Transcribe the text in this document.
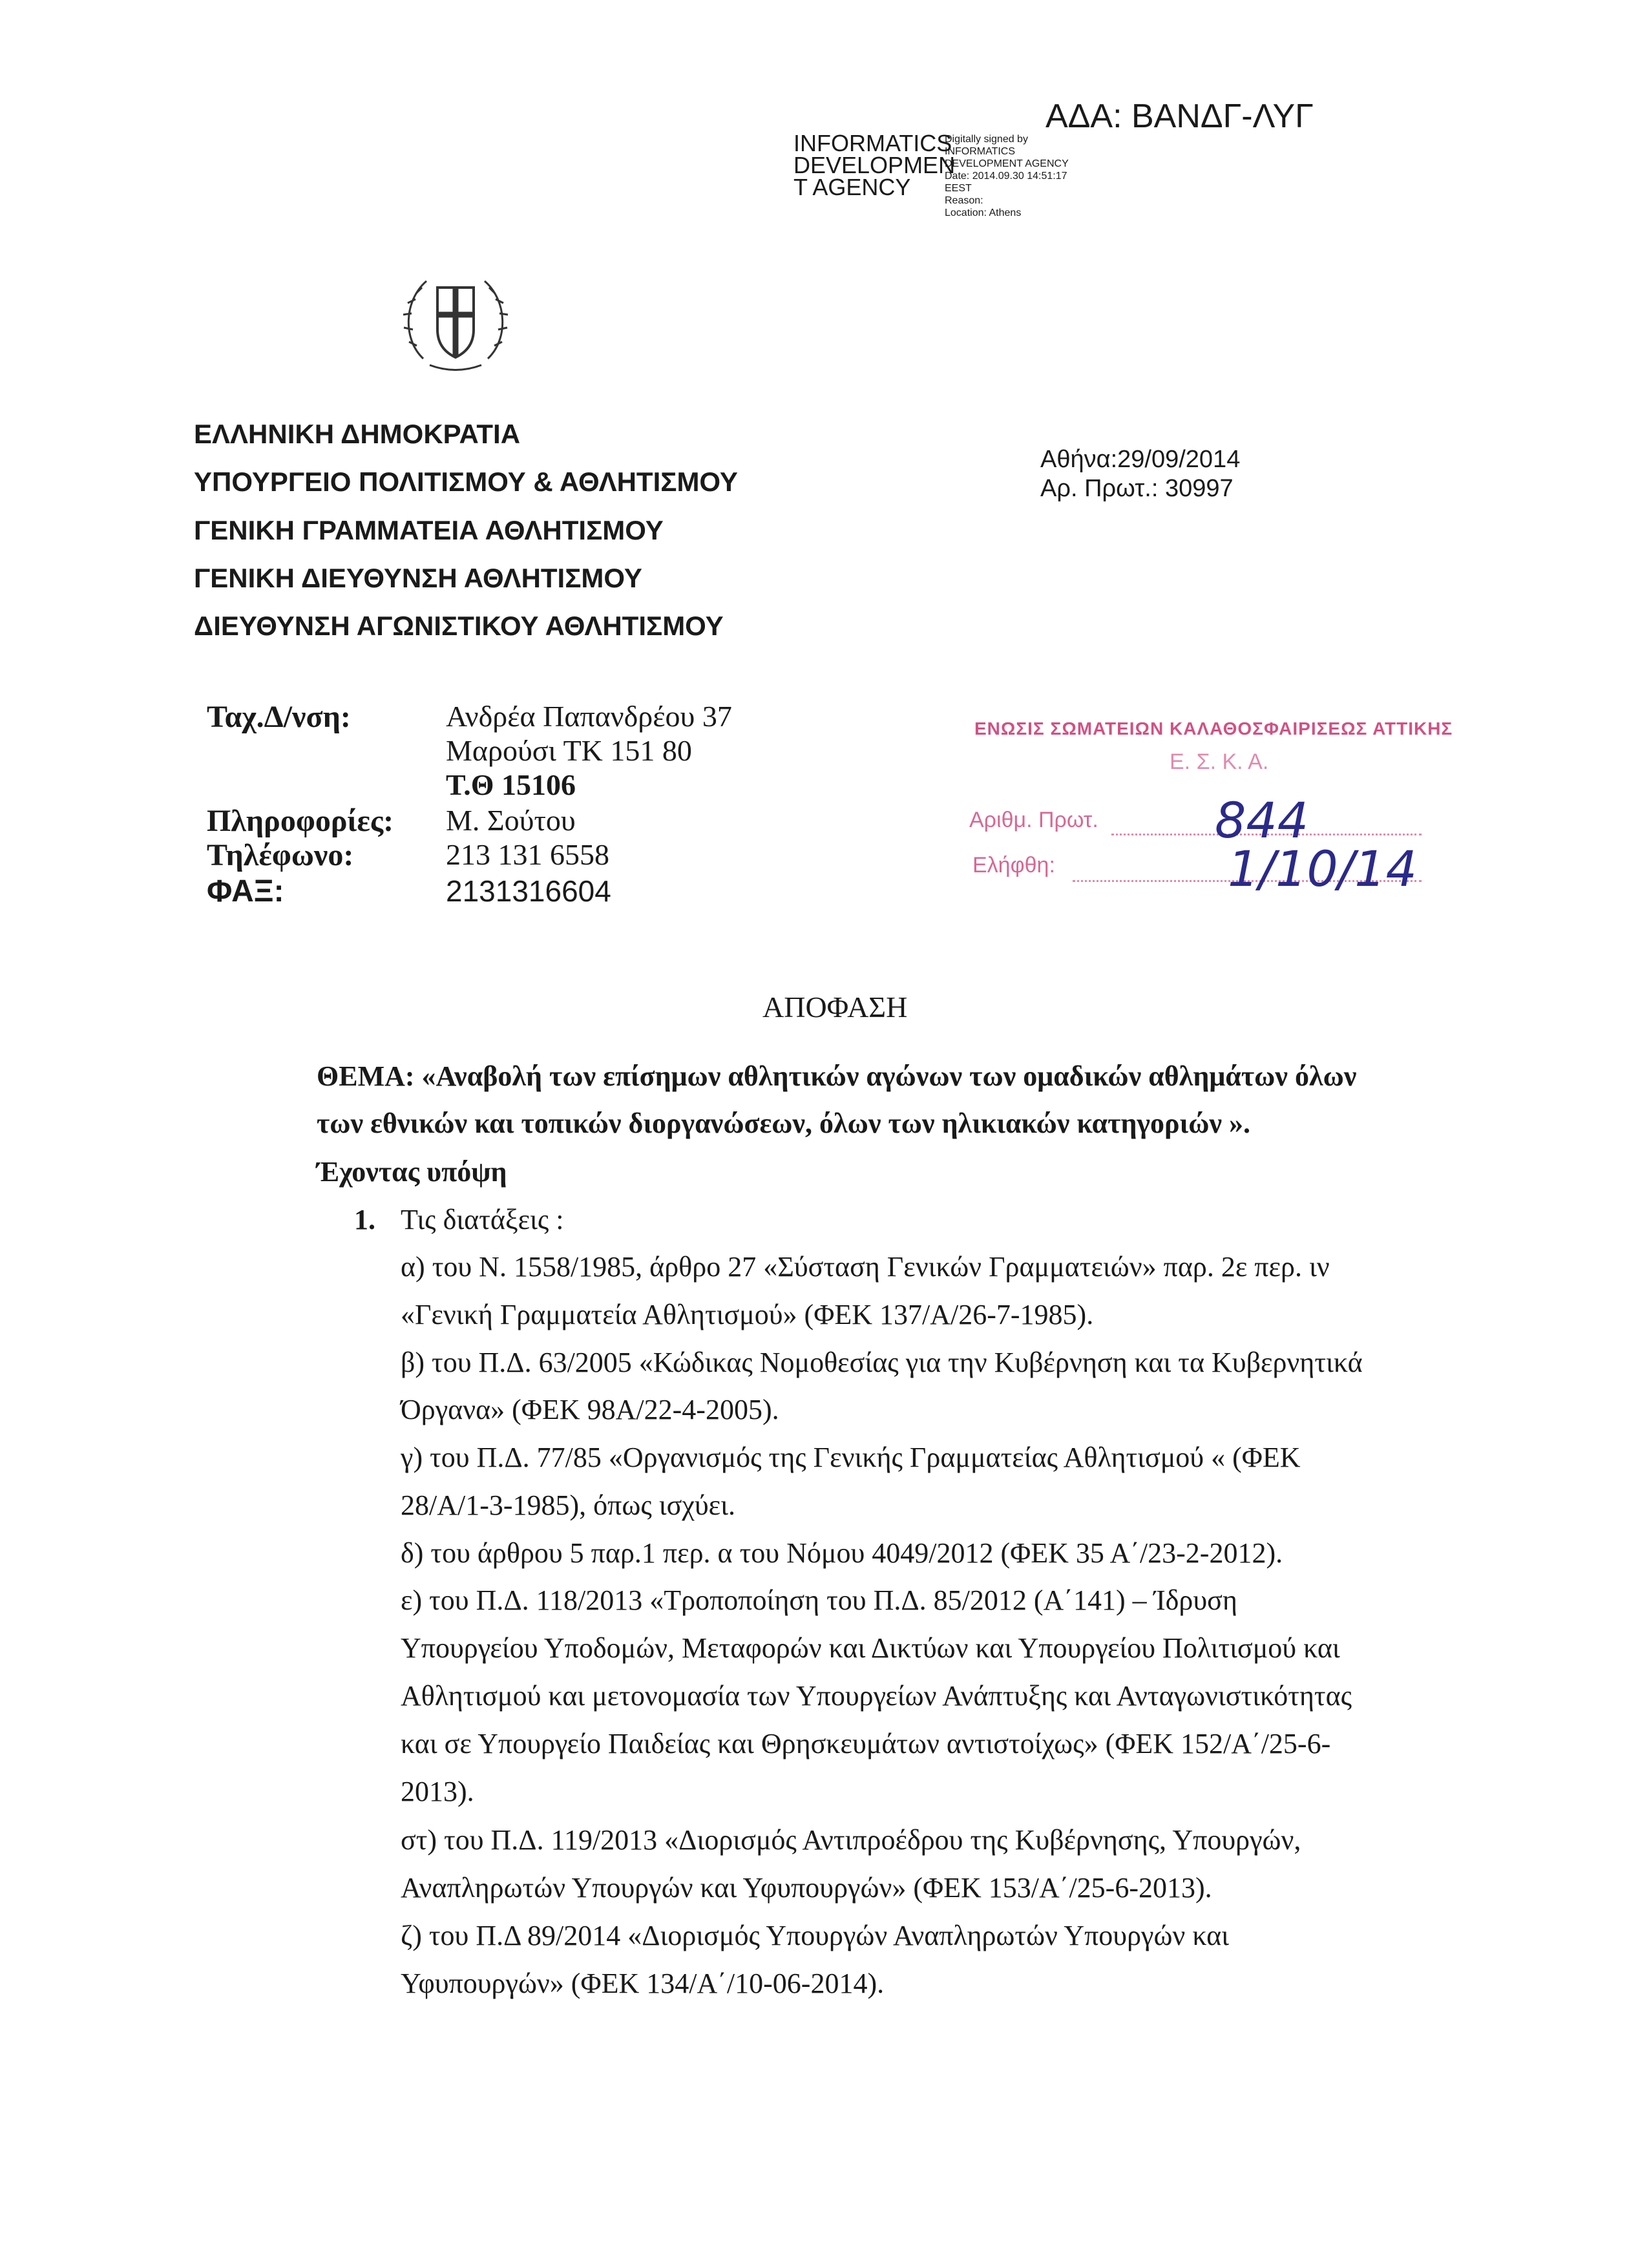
INFORMATICS
DEVELOPMEN
T AGENCY
Digitally signed by
INFORMATICS
DEVELOPMENT AGENCY
Date: 2014.09.30 14:51:17
EEST
Reason:
Location: Athens
ΑΔΑ: ΒΑΝΔΓ-ΛΥΓ
ΕΛΛΗΝΙΚΗ ΔΗΜΟΚΡΑΤΙΑ
ΥΠΟΥΡΓΕΙΟ ΠΟΛΙΤΙΣΜΟΥ & ΑΘΛΗΤΙΣΜΟΥ
ΓΕΝΙΚΗ ΓΡΑΜΜΑΤΕΙΑ ΑΘΛΗΤΙΣΜΟΥ
ΓΕΝΙΚΗ ΔΙΕΥΘΥΝΣΗ ΑΘΛΗΤΙΣΜΟΥ
ΔΙΕΥΘΥΝΣΗ ΑΓΩΝΙΣΤΙΚΟΥ ΑΘΛΗΤΙΣΜΟΥ
Αθήνα:29/09/2014
Αρ. Πρωτ.: 30997
Ταχ.Δ/νση:	Ανδρέα Παπανδρέου 37
Μαρούσι ΤΚ 151 80
Τ.Θ 15106
Πληροφορίες: Μ. Σούτου
Τηλέφωνο:	213 131 6558
ΦΑΞ:	2131316604
ΕΝΩΣΙΣ ΣΩΜΑΤΕΙΩΝ ΚΑΛΑΘΟΣΦΑΙΡΙΣΕΩΣ ΑΤΤΙΚΗΣ
Ε. Σ. Κ. Α.
Αριθμ. Πρωτ. 844
Ελήφθη:	1/10/14
ΑΠΟΦΑΣΗ
ΘΕΜΑ: «Αναβολή των επίσημων αθλητικών αγώνων των ομαδικών αθλημάτων όλων
των εθνικών και τοπικών διοργανώσεων, όλων των ηλικιακών κατηγοριών ».
Έχοντας υπόψη
1. Τις διατάξεις :
α) του Ν. 1558/1985, άρθρο 27 «Σύσταση Γενικών Γραμματειών» παρ. 2ε περ. ιν
«Γενική Γραμματεία Αθλητισμού» (ΦΕΚ 137/Α/26-7-1985).
β) του Π.Δ. 63/2005 «Κώδικας Νομοθεσίας για την Κυβέρνηση και τα Κυβερνητικά
Όργανα» (ΦΕΚ 98Α/22-4-2005).
γ) του Π.Δ. 77/85 «Οργανισμός της Γενικής Γραμματείας Αθλητισμού « (ΦΕΚ
28/Α/1-3-1985), όπως ισχύει.
δ) του άρθρου 5 παρ.1 περ. α του Νόμου 4049/2012 (ΦΕΚ 35 Α΄/23-2-2012).
ε) του Π.Δ. 118/2013 «Τροποποίηση του Π.Δ. 85/2012 (Α΄141) – Ίδρυση
Υπουργείου Υποδομών, Μεταφορών και Δικτύων και Υπουργείου Πολιτισμού και
Αθλητισμού και μετονομασία των Υπουργείων Ανάπτυξης και Ανταγωνιστικότητας
και σε Υπουργείο Παιδείας και Θρησκευμάτων αντιστοίχως» (ΦΕΚ 152/Α΄/25-6-
2013).
στ) του Π.Δ. 119/2013 «Διορισμός Αντιπροέδρου της Κυβέρνησης, Υπουργών,
Αναπληρωτών Υπουργών και Υφυπουργών» (ΦΕΚ 153/Α΄/25-6-2013).
ζ) του Π.Δ 89/2014 «Διορισμός Υπουργών Αναπληρωτών Υπουργών και
Υφυπουργών» (ΦΕΚ 134/Α΄/10-06-2014).
